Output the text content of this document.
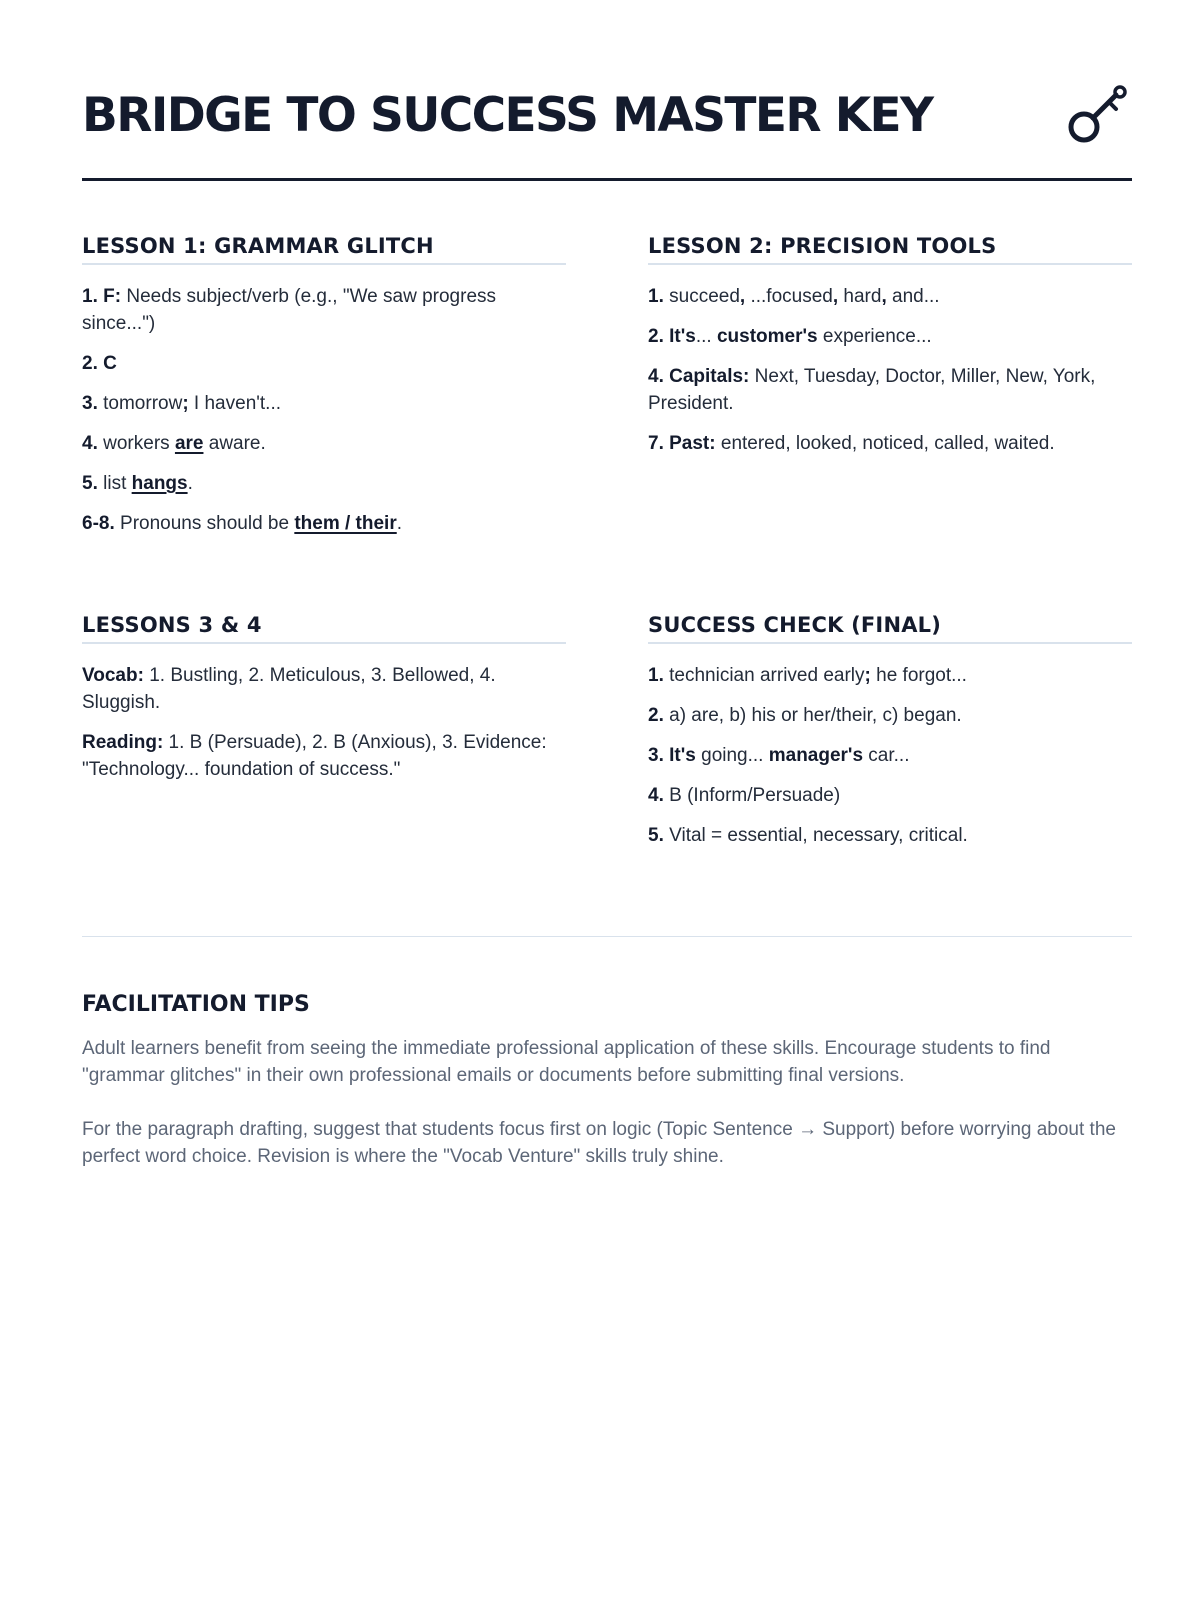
BRIDGE TO SUCCESS MASTER KEY
LESSON 1: GRAMMAR GLITCH

1. F: Needs subject/verb (e.g., "We saw progress since...")

2. C

3. tomorrow; I haven't...

4. workers are aware.

5. list hangs.

6-8. Pronouns should be them / their.

LESSON 2: PRECISION TOOLS

1. succeed, ...focused, hard, and...

2. It's... customer's experience...

4. Capitals: Next, Tuesday, Doctor, Miller, New, York, President.

7. Past: entered, looked, noticed, called, waited.

LESSONS 3 & 4

Vocab: 1. Bustling, 2. Meticulous, 3. Bellowed, 4. Sluggish.

Reading: 1. B (Persuade), 2. B (Anxious), 3. Evidence: "Technology... foundation of success."

SUCCESS CHECK (FINAL)

1. technician arrived early; he forgot...

2. a) are, b) his or her/their, c) began.

3. It's going... manager's car...

4. B (Inform/Persuade)

5. Vital = essential, necessary, critical.

FACILITATION TIPS

Adult learners benefit from seeing the immediate professional application of these skills. Encourage students to find "grammar glitches" in their own professional emails or documents before submitting final versions.

For the paragraph drafting, suggest that students focus first on logic (Topic Sentence → Support) before worrying about the perfect word choice. Revision is where the "Vocab Venture" skills truly shine.
